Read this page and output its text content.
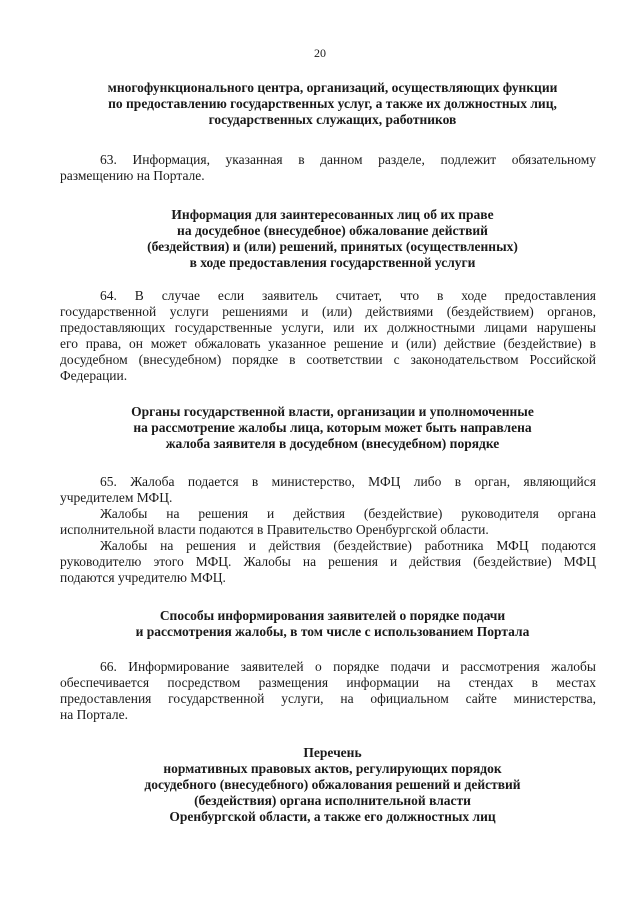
20
многофункционального центра, организаций, осуществляющих функции
по предоставлению государственных услуг, а также их должностных лиц,
государственных служащих, работников
63. Информация, указанная в данном разделе, подлежит обязательному
размещению на Портале.
Информация для заинтересованных лиц об их праве
на досудебное (внесудебное) обжалование действий
(бездействия) и (или) решений, принятых (осуществленных)
в ходе предоставления государственной услуги
64. В случае если заявитель считает, что в ходе предоставления
государственной услуги решениями и (или) действиями (бездействием) органов,
предоставляющих государственные услуги, или их должностными лицами нарушены
его права, он может обжаловать указанное решение и (или) действие (бездействие) в
досудебном (внесудебном) порядке в соответствии с законодательством Российской
Федерации.
Органы государственной власти, организации и уполномоченные
на рассмотрение жалобы лица, которым может быть направлена
жалоба заявителя в досудебном (внесудебном) порядке
65. Жалоба подается в министерство, МФЦ либо в орган, являющийся
учредителем МФЦ.
Жалобы на решения и действия (бездействие) руководителя органа
исполнительной власти подаются в Правительство Оренбургской области.
Жалобы на решения и действия (бездействие) работника МФЦ подаются
руководителю этого МФЦ. Жалобы на решения и действия (бездействие) МФЦ
подаются учредителю МФЦ.
Способы информирования заявителей о порядке подачи
и рассмотрения жалобы, в том числе с использованием Портала
66. Информирование заявителей о порядке подачи и рассмотрения жалобы
обеспечивается посредством размещения информации на стендах в местах
предоставления государственной услуги, на официальном сайте министерства,
на Портале.
Перечень
нормативных правовых актов, регулирующих порядок
досудебного (внесудебного) обжалования решений и действий
(бездействия) органа исполнительной власти
Оренбургской области, а также его должностных лиц
